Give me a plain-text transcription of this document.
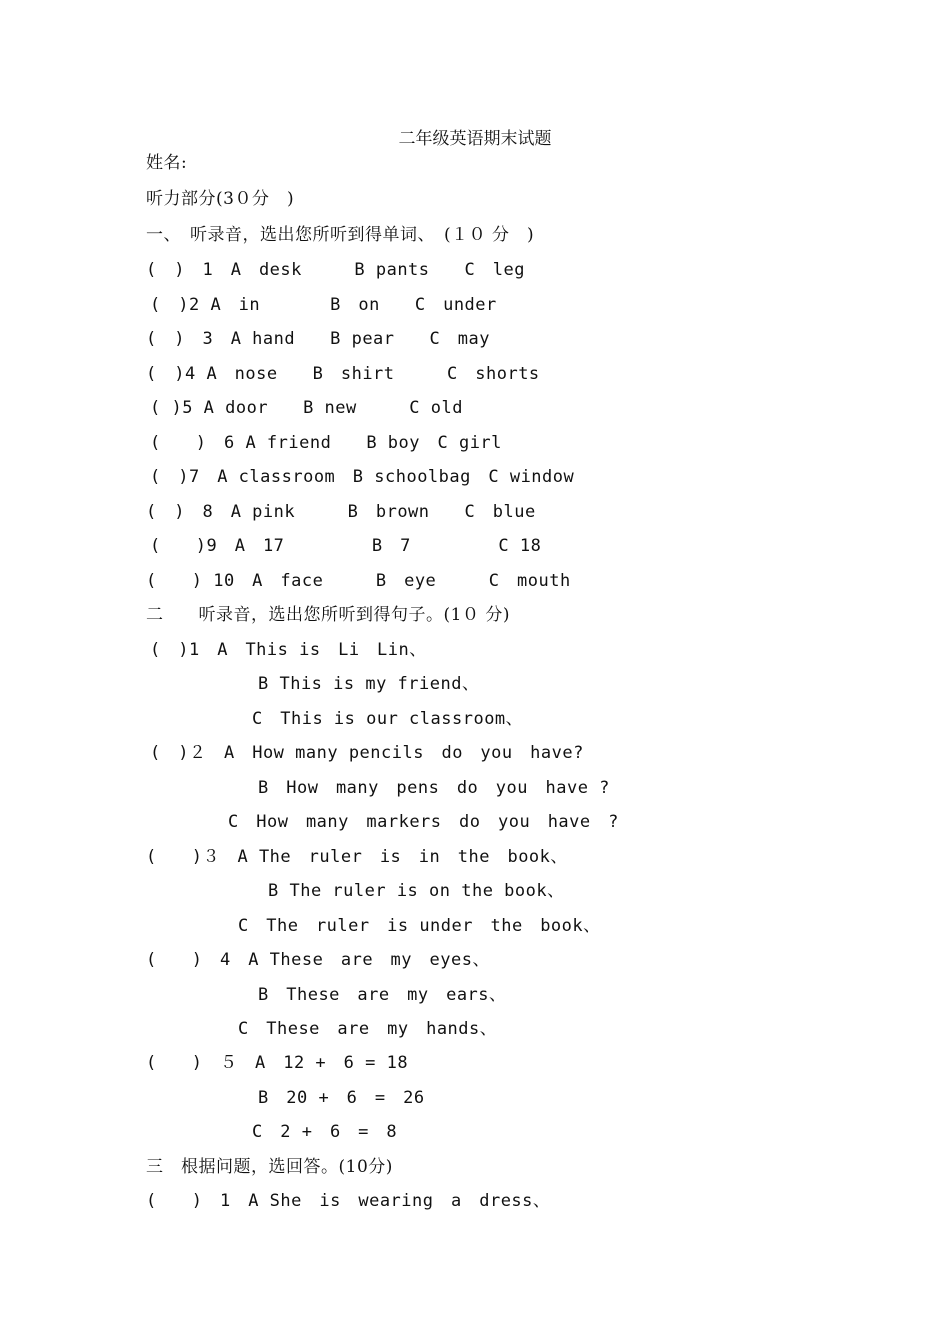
二年级英语期末试题
姓名:
听力部分(3０分　)
一、　听录音，选出您所听到得单词、　(１０ 分　)
(　)　1　A　desk　　　B pants　　C　leg
(　)2 A　in　　　　B　on　　C　under
(　)　3　A hand　　B pear　　C　may
(　)4 A　nose　　B　shirt　　　C　shorts
( )5 A door　　B new　　　C old
(　　)　6 A friend　　B boy　C girl
(　)7　A classroom　B schoolbag　C window
(　)　8　A pink　　　B　brown　　C　blue
(　　)9　A　17　　　　　B　7　　　　　C 18
(　　) 10　A　face　　　B　eye　　　C　mouth
二　　听录音，选出您所听到得句子。(1０ 分)
(　)1　A　This is　Li　Lin、
B This is my friend、
C　This is our classroom、
(　)２　A　How many pencils　do　you　have?
B　How　many　pens　do　you　have ?
C　How　many　markers　do　you　have　?
(　　)３　A The　ruler　is　in　the　book、
B The ruler is on the book、
C　The　ruler　is under　the　book、
(　　)　4　A These　are　my　eyes、
B　These　are　my　ears、
C　These　are　my　hands、
(　　)　５　A　12 +　6 = 18
B　20 +　6　=　26
C　2 +　6　=　8
三　根据问题，选回答。(10分)
(　　)　1　A She　is　wearing　a　dress、
